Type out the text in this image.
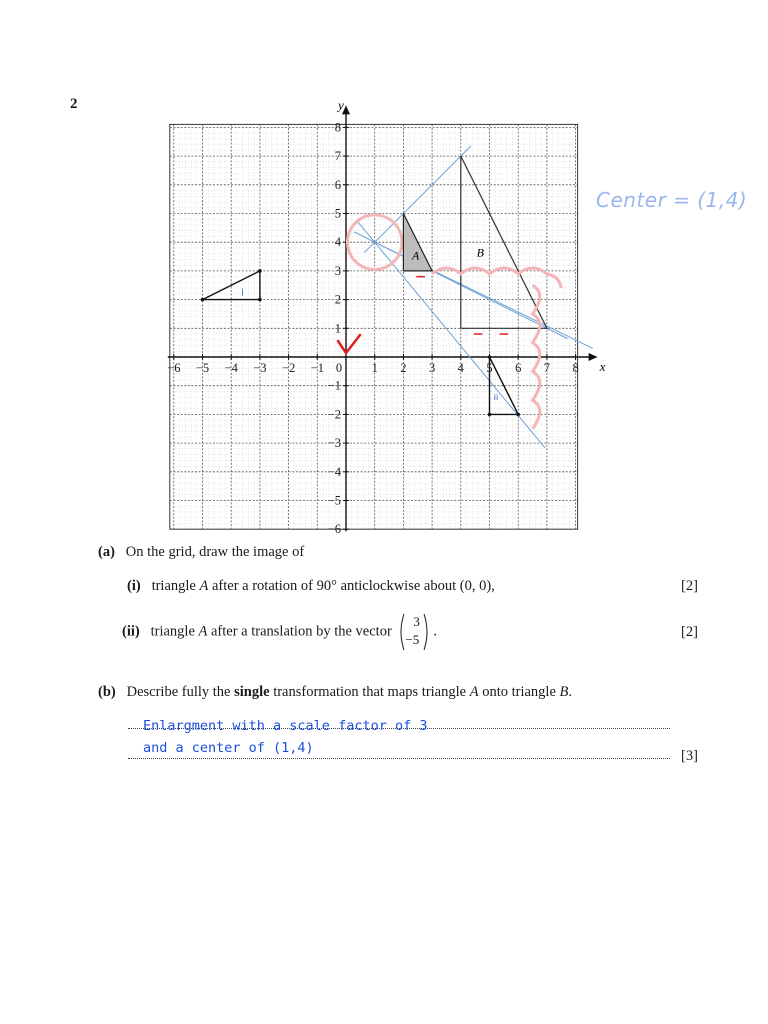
2
x
y
−6 −5 −4 −3 −2 −1 0 1 2 3 4 5 6 7 8
8
7
6
5
4
3
2
1
−1
−2
−3
−4
−5
−6
A	B
i
ii
Center = (1,4)
(a) On the grid, draw the image of
(i) triangle A after a rotation of 90° anticlockwise about (0, 0),	[2]
(ii) triangle A after a translation by the vector
3
−5
.	[2]
(b) Describe fully the single transformation that maps triangle A onto triangle B.
Enlargment with a scale factor of 3
and a center of (1,4)	[3]
